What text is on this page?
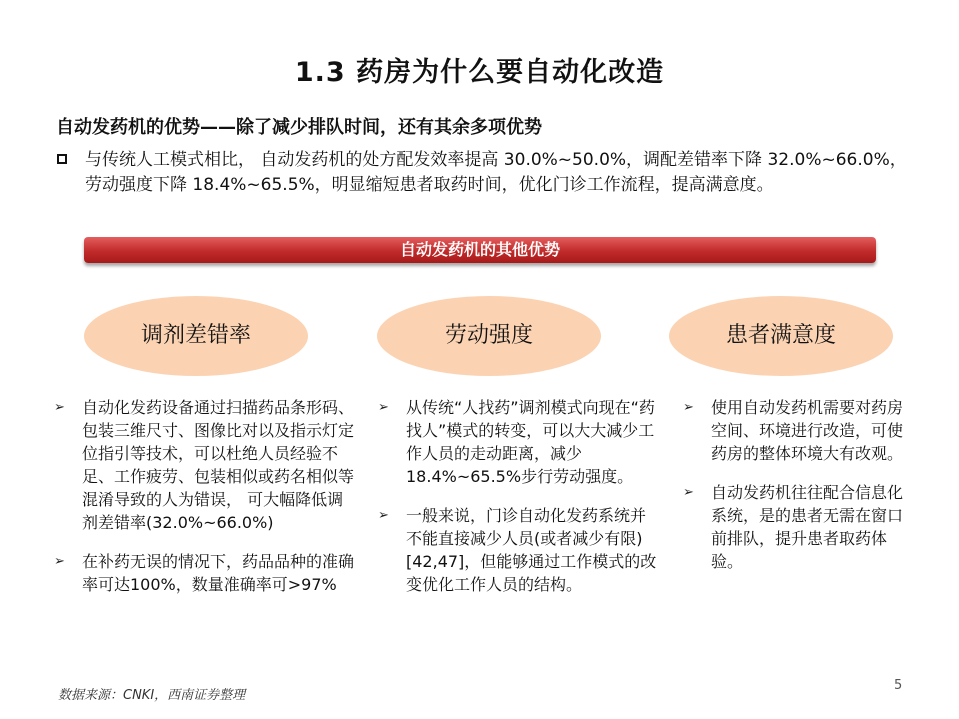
1.3 药房为什么要自动化改造
自动发药机的优势——除了减少排队时间，还有其余多项优势
与传统人工模式相比， 自动发药机的处方配发效率提高 30.0%~50.0%，调配差错率下降 32.0%~66.0%，劳动强度下降 18.4%~65.5%，明显缩短患者取药时间，优化门诊工作流程，提高满意度。
自动发药机的其他优势
调剂差错率
➢ 自动化发药设备通过扫描药品条形码、包装三维尺寸、图像比对以及指示灯定位指引等技术，可以杜绝人员经验不足、工作疲劳、包装相似或药名相似等混淆导致的人为错误， 可大幅降低调剂差错率(32.0%~66.0%)
➢ 在补药无误的情况下，药品品种的准确率可达100%，数量准确率可>97%
劳动强度
➢ 从传统“人找药”调剂模式向现在“药找人”模式的转变，可以大大减少工作人员的走动距离，减少 18.4%~65.5%步行劳动强度。
➢ 一般来说，门诊自动化发药系统并不能直接减少人员(或者减少有限)[42,47]，但能够通过工作模式的改变优化工作人员的结构。
患者满意度
➢ 使用自动发药机需要对药房空间、环境进行改造，可使药房的整体环境大有改观。
➢ 自动发药机往往配合信息化系统，是的患者无需在窗口前排队，提升患者取药体验。
数据来源：CNKI，西南证券整理
5
